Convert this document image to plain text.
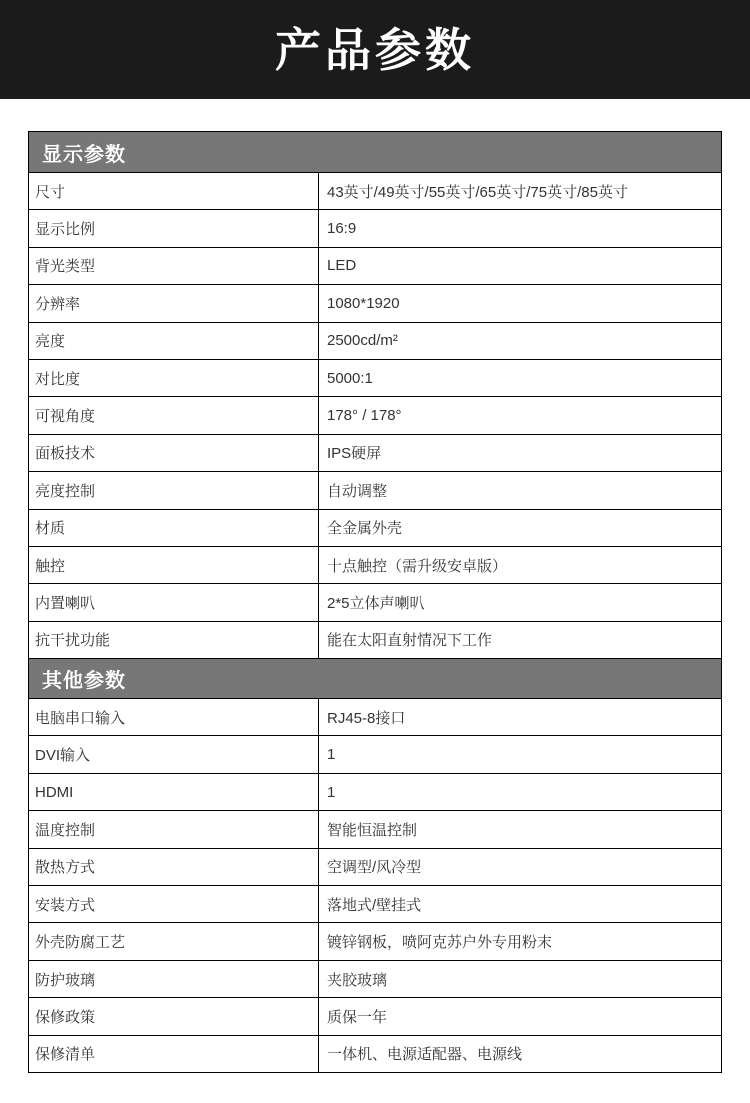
产品参数
显示参数
尺寸	43英寸/49英寸/55英寸/65英寸/75英寸/85英寸
显示比例	16:9
背光类型	LED
分辨率	1080*1920
亮度	2500cd/m²
对比度	5000:1
可视角度	178° / 178°
面板技术	IPS硬屏
亮度控制	自动调整
材质	全金属外壳
触控	十点触控（需升级安卓版）
内置喇叭	2*5立体声喇叭
抗干扰功能	能在太阳直射情况下工作
其他参数
电脑串口输入	RJ45-8接口
DVI输入	1
HDMI	1
温度控制	智能恒温控制
散热方式	空调型/风冷型
安装方式	落地式/壁挂式
外壳防腐工艺	镀锌钢板，喷阿克苏户外专用粉末
防护玻璃	夹胶玻璃
保修政策	质保一年
保修清单	一体机、电源适配器、电源线
